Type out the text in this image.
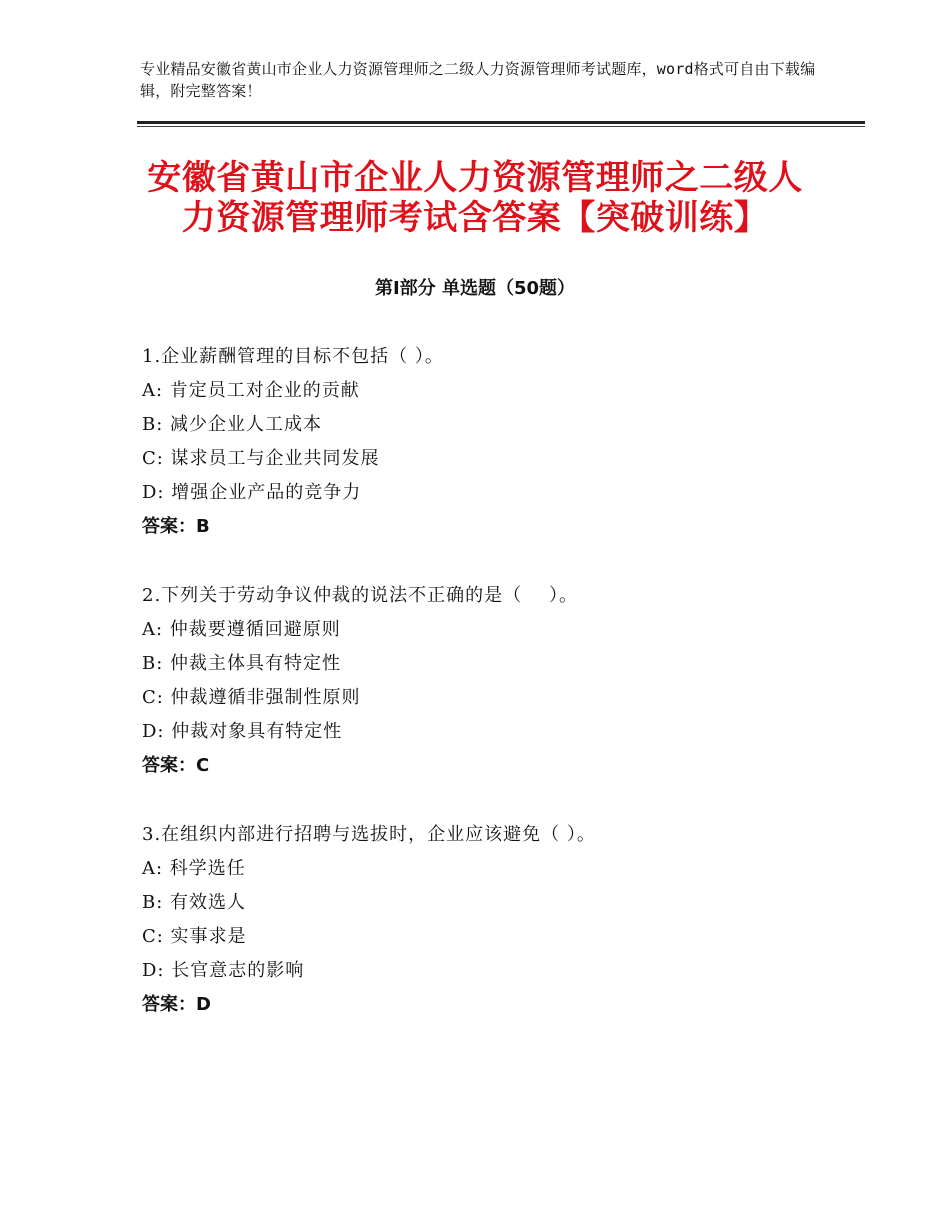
专业精品安徽省黄山市企业人力资源管理师之二级人力资源管理师考试题库，word格式可自由下载编辑，附完整答案！
安徽省黄山市企业人力资源管理师之二级人
力资源管理师考试含答案【突破训练】
第Ⅰ部分 单选题（50题）
1.企业薪酬管理的目标不包括（ ）。
A: 肯定员工对企业的贡献
B: 减少企业人工成本
C: 谋求员工与企业共同发展
D: 增强企业产品的竞争力
答案：B
2.下列关于劳动争议仲裁的说法不正确的是（    ）。
A: 仲裁要遵循回避原则
B: 仲裁主体具有特定性
C: 仲裁遵循非强制性原则
D: 仲裁对象具有特定性
答案：C
3.在组织内部进行招聘与选拔时，企业应该避免（ ）。
A: 科学选任
B: 有效选人
C: 实事求是
D: 长官意志的影响
答案：D
